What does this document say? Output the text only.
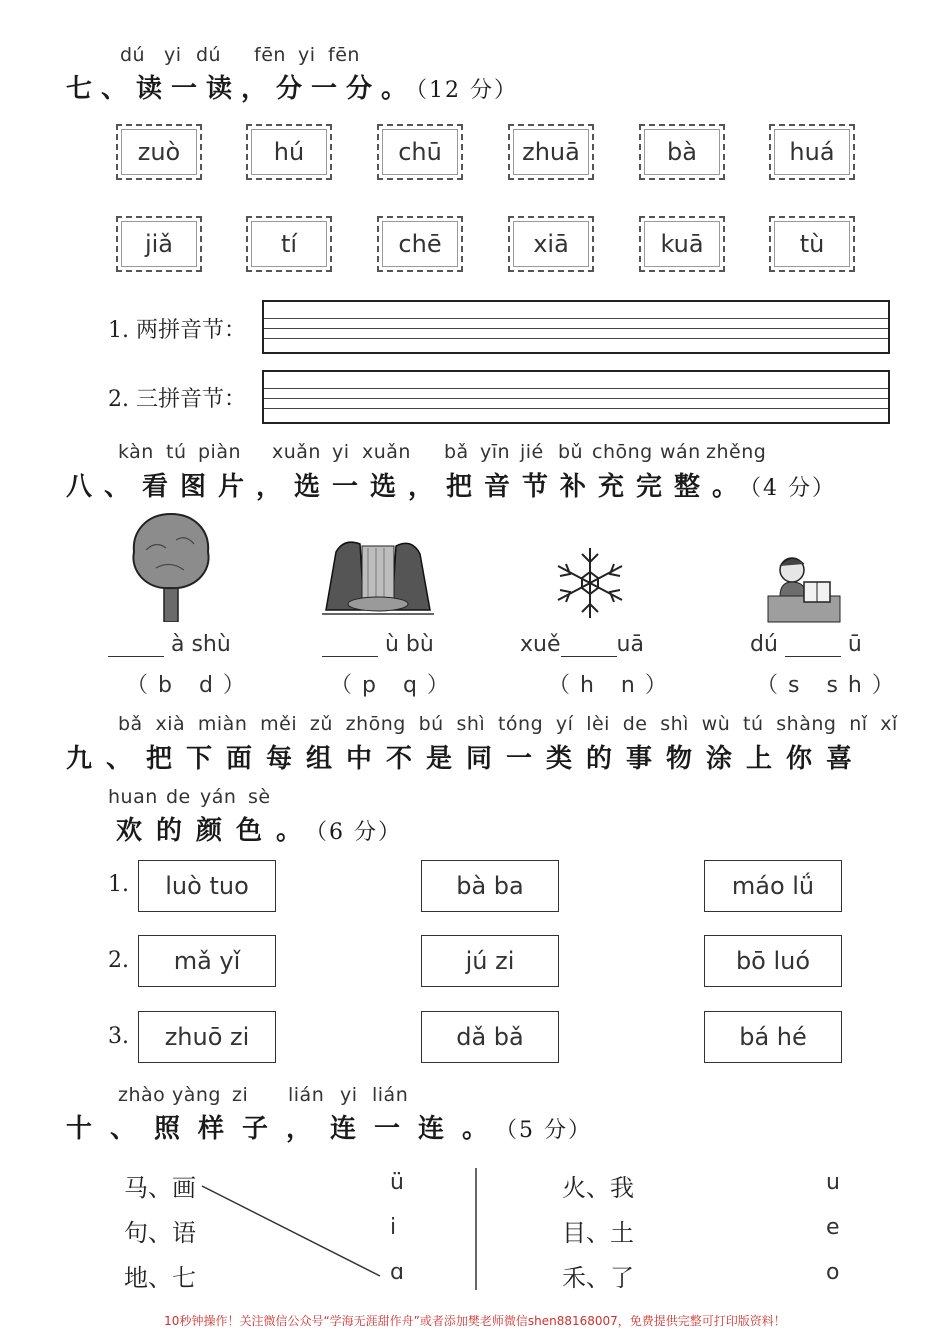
dú yi dú fēn yi fēn
七、读一读，分一分。（12 分）
zuò	hú	chū	zhuā	bà	huá
jiǎ	tí	chē	xiā	kuā	tù
1. 两拼音节：
2. 三拼音节：
kàn tú piàn xuǎn yi xuǎn bǎ yīn jié bǔ chōng wán zhěng
八、看图片，选一选，把音节补充完整。（4 分）
à shù
（b d）
ù bù
（p q）
xuě	uā
（h n）
dú	ū
（s sh）
bǎ xià miàn měi zǔ zhōng bú shì tóng yí lèi de shì wù tú shàng nǐ xǐ
九、把下面每组中不是同一类的事物涂上你喜
huan de yán sè
欢的颜色。（6 分）
1.	luò tuo	bà ba	máo lǘ
2.	mǎ yǐ	jú zi	bō luó
3.	zhuō zi	dǎ bǎ	bá hé
zhào yàng zi lián yi lián
十、照样子，连一连。（5 分）
马、画
句、语
地、七
ü
i
ɑ
火、我
目、土
禾、了
u
e
o
10秒钟操作！关注微信公众号“学海无涯甜作舟”或者添加樊老师微信shen88168007，免费提供完整可打印版资料！
